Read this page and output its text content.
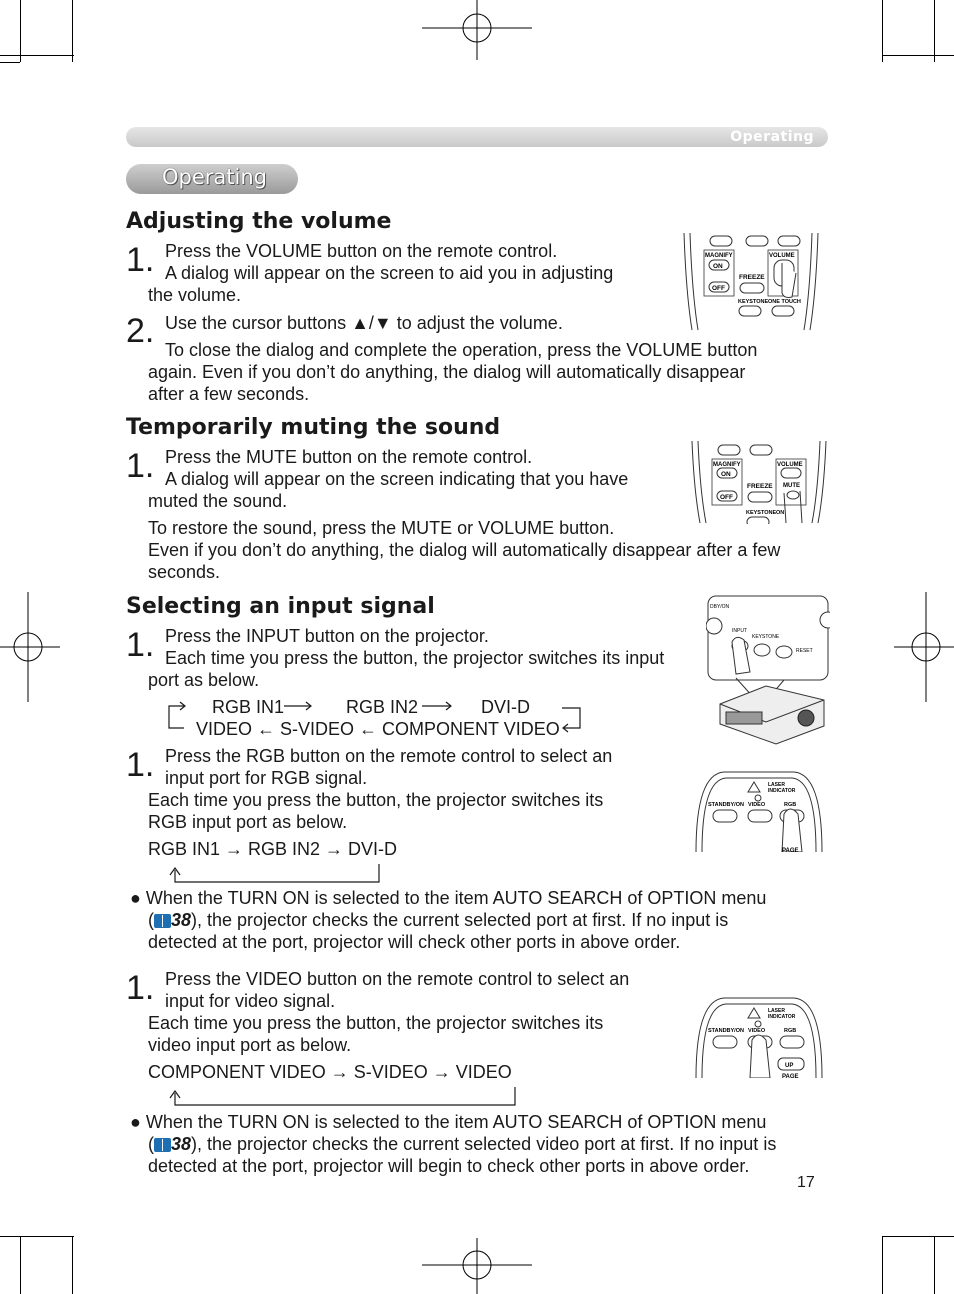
Operating
Operating
Adjusting the volume
1. Press the VOLUME button on the remote control.
A dialog will appear on the screen to aid you in adjusting
the volume.
2. Use the cursor buttons ▲/▼ to adjust the volume.
To close the dialog and complete the operation, press the VOLUME button
again. Even if you don’t do anything, the dialog will automatically disappear
after a few seconds.
MAGNIFY
ON
OFF
FREEZE
VOLUME
KEYSTONE ONE TOUCH
Temporarily muting the sound
1. Press the MUTE button on the remote control.
A dialog will appear on the screen indicating that you have
muted the sound.
To restore the sound, press the MUTE or VOLUME button.
Even if you don’t do anything, the dialog will automatically disappear after a few
seconds.
MAGNIFY
ON
OFF
FREEZE
VOLUME
MUTE
KEYSTONE ON
Selecting an input signal
1. Press the INPUT button on the projector.
Each time you press the button, the projector switches its input
port as below.
RGB IN1	RGB IN2	DVI-D
VIDEO ← S-VIDEO ← COMPONENT VIDEO
DBY/ON
INPUT
KEYSTONE
RESET
1. Press the RGB button on the remote control to select an
input port for RGB signal.
Each time you press the button, the projector switches its
RGB input port as below.
RGB IN1 → RGB IN2 → DVI-D
LASER
INDICATOR
STANDBY/ON VIDEO	RGB
PAGE
● When the TURN ON is selected to the item AUTO SEARCH of OPTION menu
( 38), the projector checks the current selected port at first. If no input is
detected at the port, projector will check other ports in above order.
1. Press the VIDEO button on the remote control to select an
input for video signal.
Each time you press the button, the projector switches its
video input port as below.
COMPONENT VIDEO → S-VIDEO → VIDEO
LASER
INDICATOR
STANDBY/ON VIDEO	RGB
UP
PAGE
● When the TURN ON is selected to the item AUTO SEARCH of OPTION menu
( 38), the projector checks the current selected video port at first. If no input is
detected at the port, projector will begin to check other ports in above order.
17
